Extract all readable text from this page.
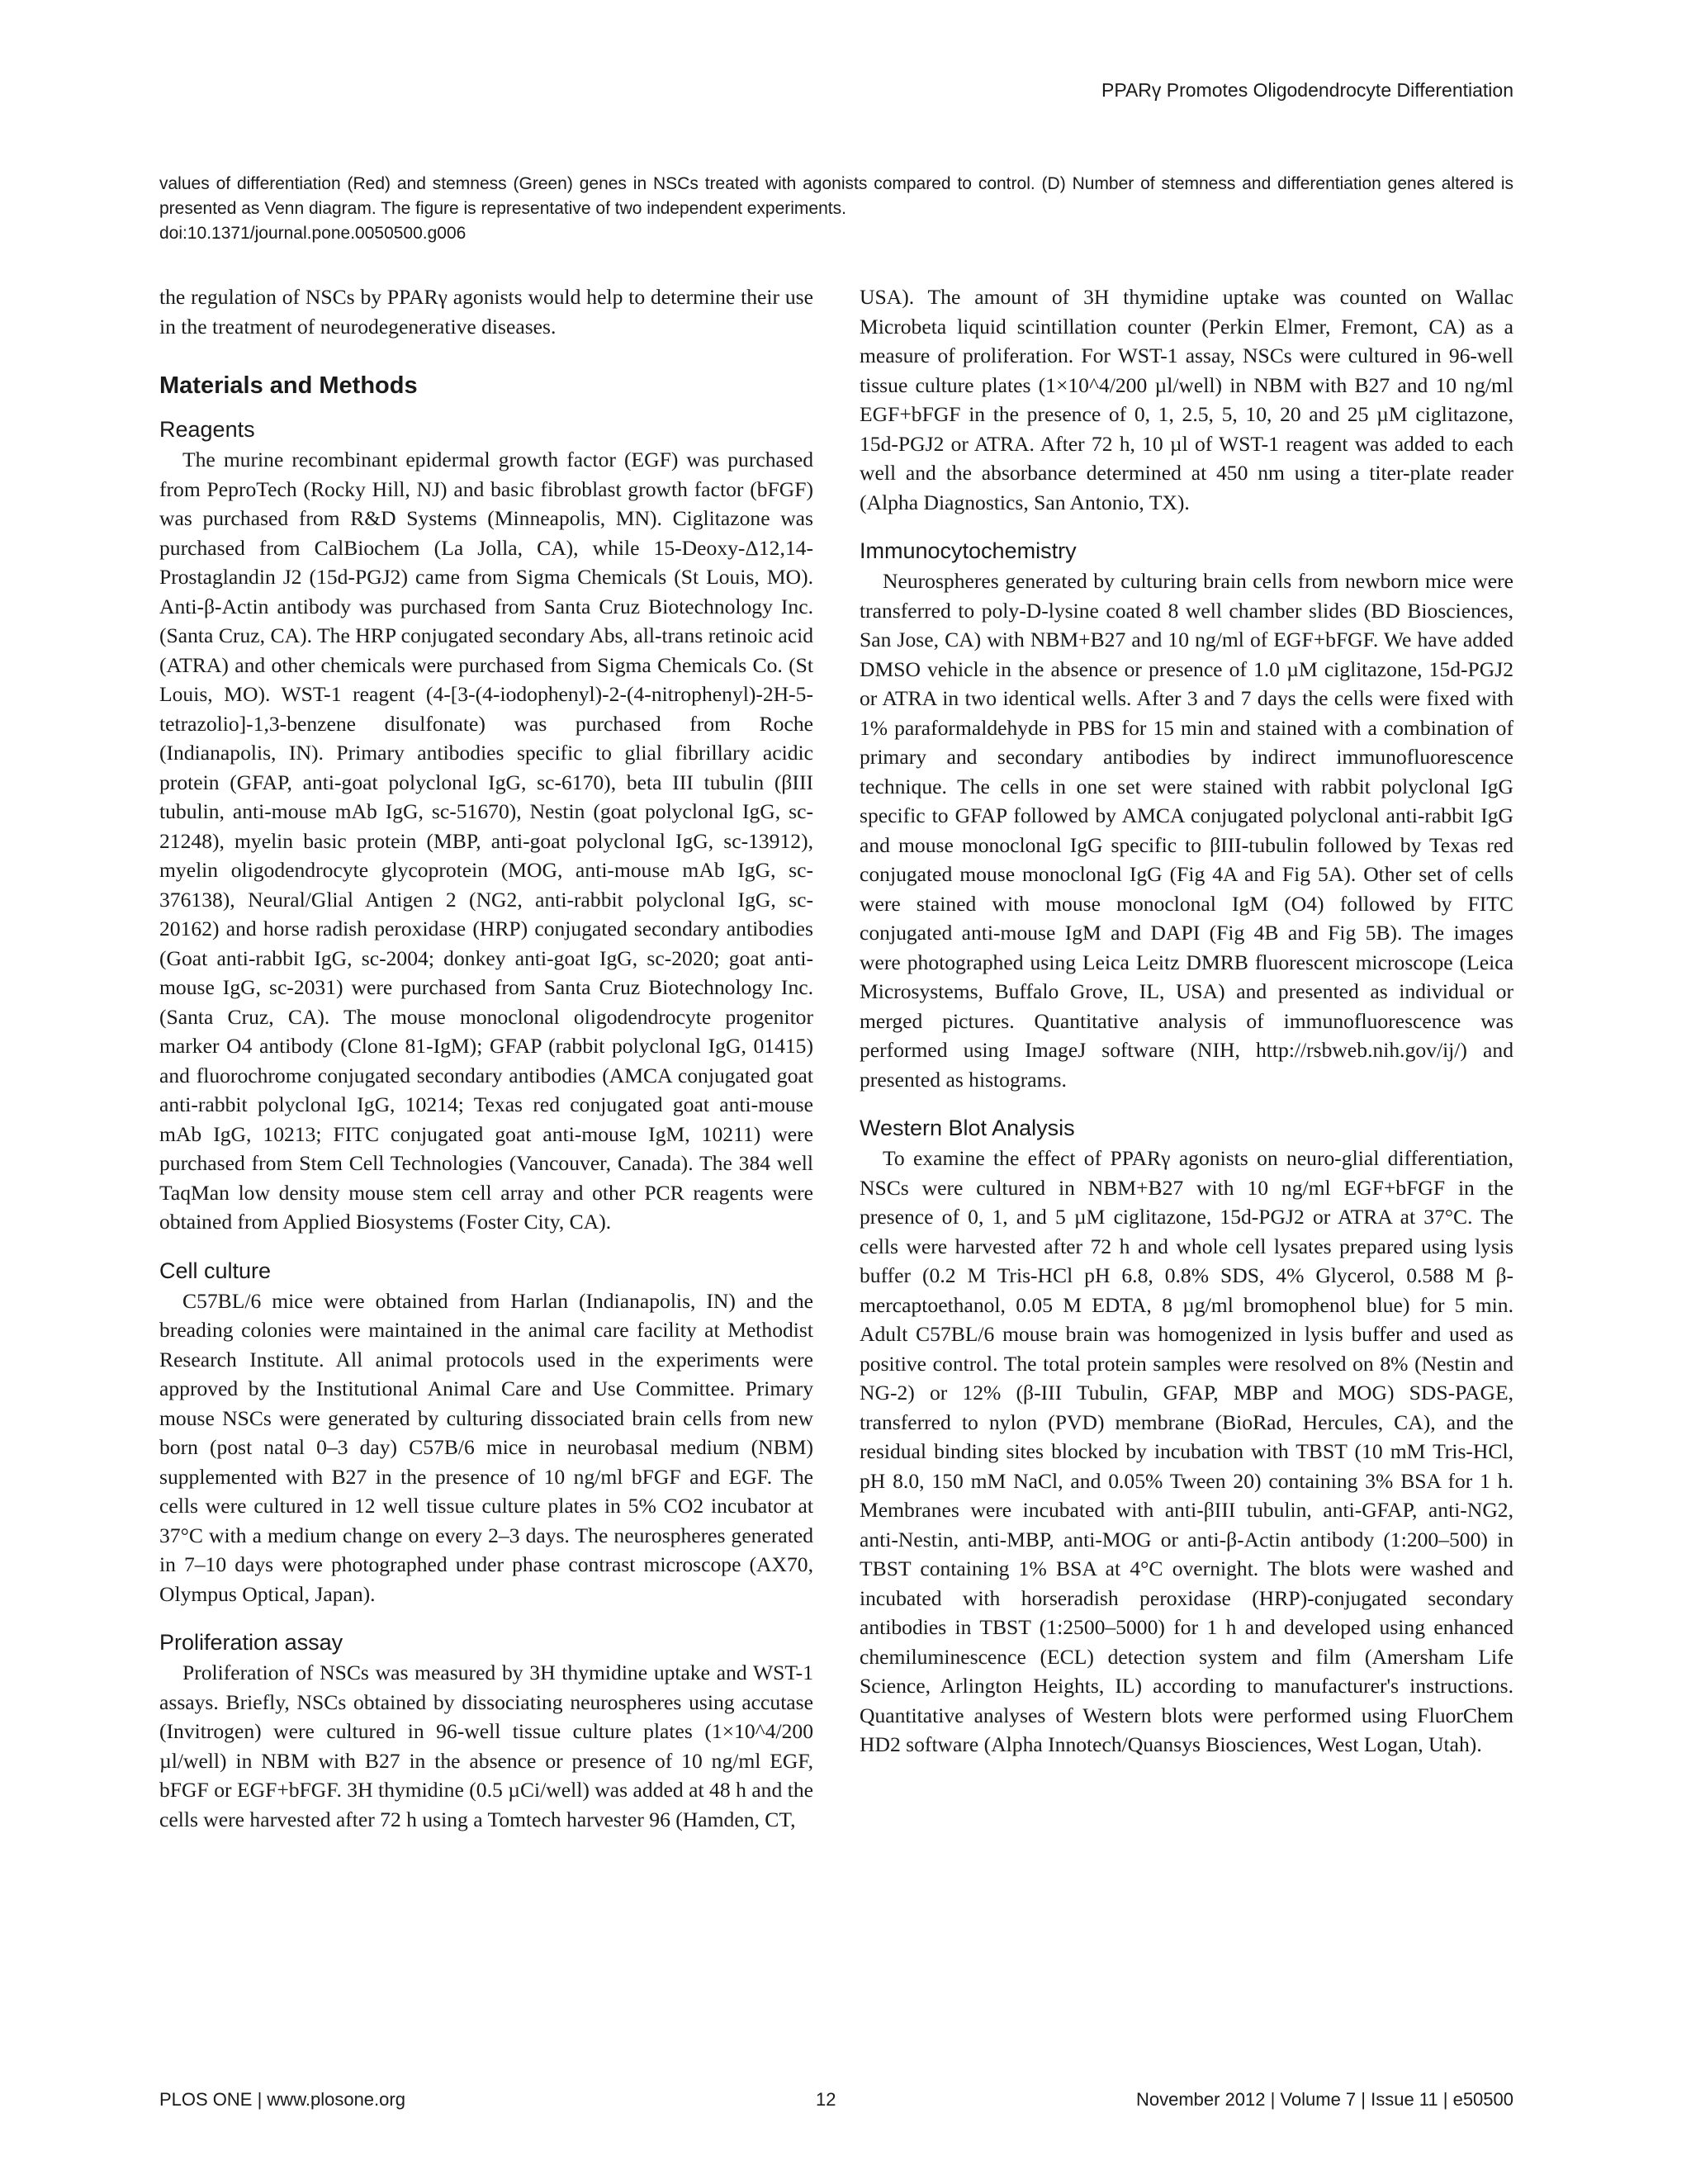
PPARγ Promotes Oligodendrocyte Differentiation

values of differentiation (Red) and stemness (Green) genes in NSCs treated with agonists compared to control. (D) Number of stemness and differentiation genes altered is presented as Venn diagram. The figure is representative of two independent experiments.

doi:10.1371/journal.pone.0050500.g006

the regulation of NSCs by PPARγ agonists would help to determine their use in the treatment of neurodegenerative diseases.

Materials and Methods
Reagents

The murine recombinant epidermal growth factor (EGF) was purchased from PeproTech (Rocky Hill, NJ) and basic fibroblast growth factor (bFGF) was purchased from R&D Systems (Minneapolis, MN). Ciglitazone was purchased from CalBiochem (La Jolla, CA), while 15-Deoxy-Δ12,14-Prostaglandin J2 (15d-PGJ2) came from Sigma Chemicals (St Louis, MO). Anti-β-Actin antibody was purchased from Santa Cruz Biotechnology Inc. (Santa Cruz, CA). The HRP conjugated secondary Abs, all-trans retinoic acid (ATRA) and other chemicals were purchased from Sigma Chemicals Co. (St Louis, MO). WST-1 reagent (4-[3-(4-iodophenyl)-2-(4-nitrophenyl)-2H-5-tetrazolio]-1,3-benzene disulfonate) was purchased from Roche (Indianapolis, IN). Primary antibodies specific to glial fibrillary acidic protein (GFAP, anti-goat polyclonal IgG, sc-6170), beta III tubulin (βIII tubulin, anti-mouse mAb IgG, sc-51670), Nestin (goat polyclonal IgG, sc-21248), myelin basic protein (MBP, anti-goat polyclonal IgG, sc-13912), myelin oligodendrocyte glycoprotein (MOG, anti-mouse mAb IgG, sc-376138), Neural/Glial Antigen 2 (NG2, anti-rabbit polyclonal IgG, sc-20162) and horse radish peroxidase (HRP) conjugated secondary antibodies (Goat anti-rabbit IgG, sc-2004; donkey anti-goat IgG, sc-2020; goat anti-mouse IgG, sc-2031) were purchased from Santa Cruz Biotechnology Inc. (Santa Cruz, CA). The mouse monoclonal oligodendrocyte progenitor marker O4 antibody (Clone 81-IgM); GFAP (rabbit polyclonal IgG, 01415) and fluorochrome conjugated secondary antibodies (AMCA conjugated goat anti-rabbit polyclonal IgG, 10214; Texas red conjugated goat anti-mouse mAb IgG, 10213; FITC conjugated goat anti-mouse IgM, 10211) were purchased from Stem Cell Technologies (Vancouver, Canada). The 384 well TaqMan low density mouse stem cell array and other PCR reagents were obtained from Applied Biosystems (Foster City, CA).

Cell culture

C57BL/6 mice were obtained from Harlan (Indianapolis, IN) and the breading colonies were maintained in the animal care facility at Methodist Research Institute. All animal protocols used in the experiments were approved by the Institutional Animal Care and Use Committee. Primary mouse NSCs were generated by culturing dissociated brain cells from new born (post natal 0–3 day) C57B/6 mice in neurobasal medium (NBM) supplemented with B27 in the presence of 10 ng/ml bFGF and EGF. The cells were cultured in 12 well tissue culture plates in 5% CO2 incubator at 37°C with a medium change on every 2–3 days. The neurospheres generated in 7–10 days were photographed under phase contrast microscope (AX70, Olympus Optical, Japan).

Proliferation assay

Proliferation of NSCs was measured by 3H thymidine uptake and WST-1 assays. Briefly, NSCs obtained by dissociating neurospheres using accutase (Invitrogen) were cultured in 96-well tissue culture plates (1×10^4/200 µl/well) in NBM with B27 in the absence or presence of 10 ng/ml EGF, bFGF or EGF+bFGF. 3H thymidine (0.5 µCi/well) was added at 48 h and the cells were harvested after 72 h using a Tomtech harvester 96 (Hamden, CT,

USA). The amount of 3H thymidine uptake was counted on Wallac Microbeta liquid scintillation counter (Perkin Elmer, Fremont, CA) as a measure of proliferation. For WST-1 assay, NSCs were cultured in 96-well tissue culture plates (1×10^4/200 µl/well) in NBM with B27 and 10 ng/ml EGF+bFGF in the presence of 0, 1, 2.5, 5, 10, 20 and 25 µM ciglitazone, 15d-PGJ2 or ATRA. After 72 h, 10 µl of WST-1 reagent was added to each well and the absorbance determined at 450 nm using a titer-plate reader (Alpha Diagnostics, San Antonio, TX).

Immunocytochemistry

Neurospheres generated by culturing brain cells from newborn mice were transferred to poly-D-lysine coated 8 well chamber slides (BD Biosciences, San Jose, CA) with NBM+B27 and 10 ng/ml of EGF+bFGF. We have added DMSO vehicle in the absence or presence of 1.0 µM ciglitazone, 15d-PGJ2 or ATRA in two identical wells. After 3 and 7 days the cells were fixed with 1% paraformaldehyde in PBS for 15 min and stained with a combination of primary and secondary antibodies by indirect immunofluorescence technique. The cells in one set were stained with rabbit polyclonal IgG specific to GFAP followed by AMCA conjugated polyclonal anti-rabbit IgG and mouse monoclonal IgG specific to βIII-tubulin followed by Texas red conjugated mouse monoclonal IgG (Fig 4A and Fig 5A). Other set of cells were stained with mouse monoclonal IgM (O4) followed by FITC conjugated anti-mouse IgM and DAPI (Fig 4B and Fig 5B). The images were photographed using Leica Leitz DMRB fluorescent microscope (Leica Microsystems, Buffalo Grove, IL, USA) and presented as individual or merged pictures. Quantitative analysis of immunofluorescence was performed using ImageJ software (NIH, http://rsbweb.nih.gov/ij/) and presented as histograms.

Western Blot Analysis

To examine the effect of PPARγ agonists on neuro-glial differentiation, NSCs were cultured in NBM+B27 with 10 ng/ml EGF+bFGF in the presence of 0, 1, and 5 µM ciglitazone, 15d-PGJ2 or ATRA at 37°C. The cells were harvested after 72 h and whole cell lysates prepared using lysis buffer (0.2 M Tris-HCl pH 6.8, 0.8% SDS, 4% Glycerol, 0.588 M β-mercaptoethanol, 0.05 M EDTA, 8 µg/ml bromophenol blue) for 5 min. Adult C57BL/6 mouse brain was homogenized in lysis buffer and used as positive control. The total protein samples were resolved on 8% (Nestin and NG-2) or 12% (β-III Tubulin, GFAP, MBP and MOG) SDS-PAGE, transferred to nylon (PVD) membrane (BioRad, Hercules, CA), and the residual binding sites blocked by incubation with TBST (10 mM Tris-HCl, pH 8.0, 150 mM NaCl, and 0.05% Tween 20) containing 3% BSA for 1 h. Membranes were incubated with anti-βIII tubulin, anti-GFAP, anti-NG2, anti-Nestin, anti-MBP, anti-MOG or anti-β-Actin antibody (1:200–500) in TBST containing 1% BSA at 4°C overnight. The blots were washed and incubated with horseradish peroxidase (HRP)-conjugated secondary antibodies in TBST (1:2500–5000) for 1 h and developed using enhanced chemiluminescence (ECL) detection system and film (Amersham Life Science, Arlington Heights, IL) according to manufacturer's instructions. Quantitative analyses of Western blots were performed using FluorChem HD2 software (Alpha Innotech/Quansys Biosciences, West Logan, Utah).

PLOS ONE | www.plosone.org	12	November 2012 | Volume 7 | Issue 11 | e50500
